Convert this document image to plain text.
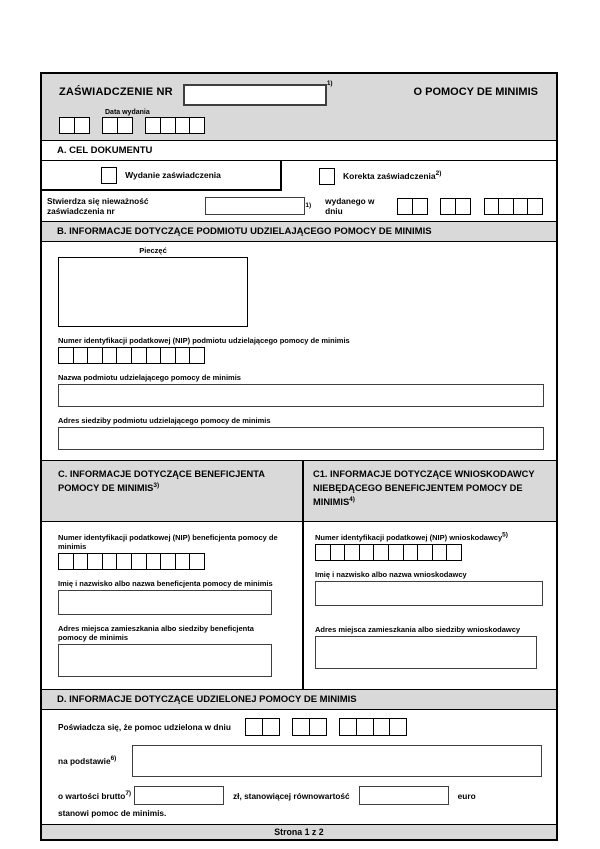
ZAŚWIADCZENIE NR
1)
O POMOCY DE MINIMIS
Data wydania
A. CEL DOKUMENTU
Wydanie zaświadczenia	Korekta zaświadczenia$^{2)}$
Stwierdza się nieważność zaświadczenia nr
1) wydanego w dniu
B. INFORMACJE DOTYCZĄCE PODMIOTU UDZIELAJĄCEGO POMOCY DE MINIMIS
Pieczęć
Numer identyfikacji podatkowej (NIP) podmiotu udzielającego pomocy de minimis
Nazwa podmiotu udzielającego pomocy de minimis
Adres siedziby podmiotu udzielającego pomocy de minimis
C. INFORMACJE DOTYCZĄCE BENEFICJENTA POMOCY DE MINIMIS$^{3)}$
Numer identyfikacji podatkowej (NIP) beneficjenta pomocy de minimis
Imię i nazwisko albo nazwa beneficjenta pomocy de minimis
Adres miejsca zamieszkania albo siedziby beneficjenta pomocy de minimis
C1. INFORMACJE DOTYCZĄCE WNIOSKODAWCY NIEBĘDĄCEGO BENEFICJENTEM POMOCY DE MINIMIS$^{4)}$
Numer identyfikacji podatkowej (NIP) wnioskodawcy$^{5)}$
Imię i nazwisko albo nazwa wnioskodawcy
Adres miejsca zamieszkania albo siedziby wnioskodawcy
D. INFORMACJE DOTYCZĄCE UDZIELONEJ POMOCY DE MINIMIS
Poświadcza się, że pomoc udzielona w dniu
na podstawie$^{6)}$
o wartości brutto$^{7)}$	zł, stanowiącej równowartość	euro
stanowi pomoc de minimis.
Strona 1 z 2
